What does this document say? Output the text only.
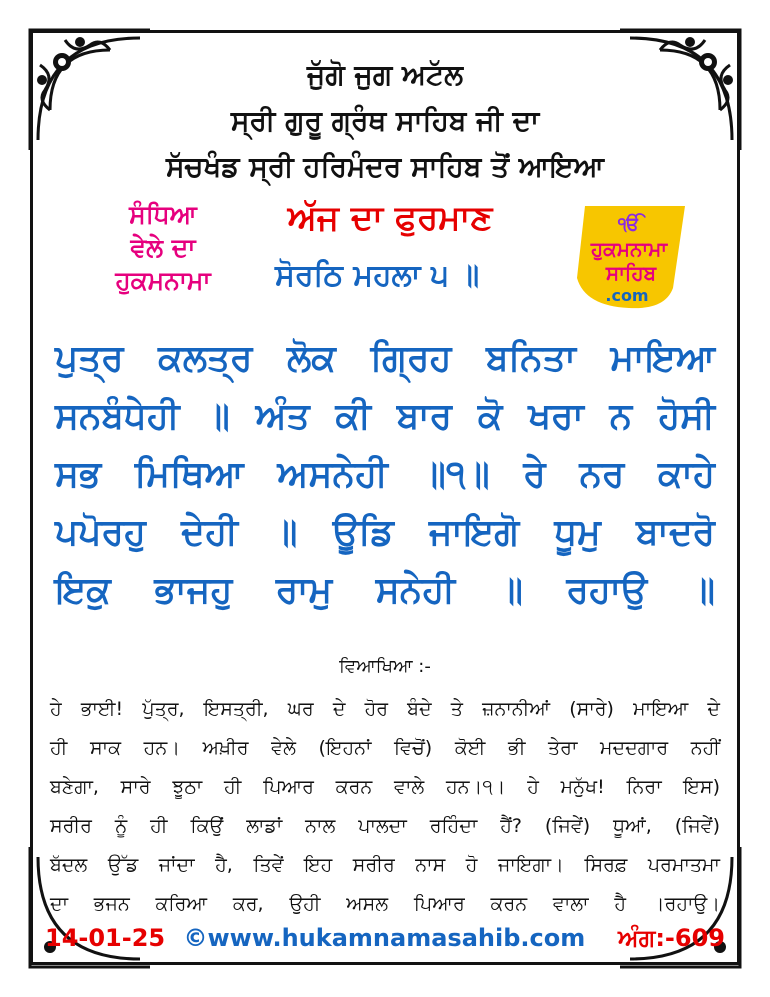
ਜੁੱਗੋ ਜੁਗ ਅਟੱਲ
ਸ੍ਰੀ ਗੁਰੂ ਗ੍ਰੰਥ ਸਾਹਿਬ ਜੀ ਦਾ
ਸੱਚਖੰਡ ਸ੍ਰੀ ਹਰਿਮੰਦਰ ਸਾਹਿਬ ਤੋਂ ਆਇਆ
ਸੰਧਿਆ
ਵੇਲੇ ਦਾ
ਹੁਕਮਨਾਮਾ
ਅੱਜ ਦਾ ਫੁਰਮਾਣ
ਸੋਰਠਿ ਮਹਲਾ ੫ ॥
ੴ
ਹੁਕਮਨਾਮਾ
ਸਾਹਿਬ
.com
ਪੁਤ੍ਰ ਕਲਤ੍ਰ ਲੋਕ ਗ੍ਰਿਹ ਬਨਿਤਾ ਮਾਇਆ
ਸਨਬੰਧੇਹੀ ॥ ਅੰਤ ਕੀ ਬਾਰ ਕੋ ਖਰਾ ਨ ਹੋਸੀ
ਸਭ ਮਿਥਿਆ ਅਸਨੇਹੀ ॥੧॥ ਰੇ ਨਰ ਕਾਹੇ
ਪਪੋਰਹੁ ਦੇਹੀ ॥ ਊਡਿ ਜਾਇਗੋ ਧੂਮੁ ਬਾਦਰੋ
ਇਕੁ ਭਾਜਹੁ ਰਾਮੁ ਸਨੇਹੀ ॥ ਰਹਾਉ ॥
ਵਿਆਖਿਆ :-
ਹੇ ਭਾਈ! ਪੁੱਤ੍ਰ, ਇਸਤ੍ਰੀ, ਘਰ ਦੇ ਹੋਰ ਬੰਦੇ ਤੇ ਜ਼ਨਾਨੀਆਂ (ਸਾਰੇ) ਮਾਇਆ ਦੇ
ਹੀ ਸਾਕ ਹਨ। ਅਖ਼ੀਰ ਵੇਲੇ (ਇਹਨਾਂ ਵਿਚੋਂ) ਕੋਈ ਭੀ ਤੇਰਾ ਮਦਦਗਾਰ ਨਹੀਂ
ਬਣੇਗਾ, ਸਾਰੇ ਝੂਠਾ ਹੀ ਪਿਆਰ ਕਰਨ ਵਾਲੇ ਹਨ।੧। ਹੇ ਮਨੁੱਖ! ਨਿਰਾ ਇਸ)
ਸਰੀਰ ਨੂੰ ਹੀ ਕਿਉਂ ਲਾਡਾਂ ਨਾਲ ਪਾਲਦਾ ਰਹਿੰਦਾ ਹੈਂ? (ਜਿਵੇਂ) ਧੂਆਂ, (ਜਿਵੇਂ)
ਬੱਦਲ ਉੱਡ ਜਾਂਦਾ ਹੈ, ਤਿਵੇਂ ਇਹ ਸਰੀਰ ਨਾਸ ਹੋ ਜਾਇਗਾ। ਸਿਰਫ਼ ਪਰਮਾਤਮਾ
ਦਾ ਭਜਨ ਕਰਿਆ ਕਰ, ਉਹੀ ਅਸਲ ਪਿਆਰ ਕਰਨ ਵਾਲਾ ਹੈ ।ਰਹਾਉ।
14-01-25 ©www.hukamnamasahib.com ਅੰਗ:-609
